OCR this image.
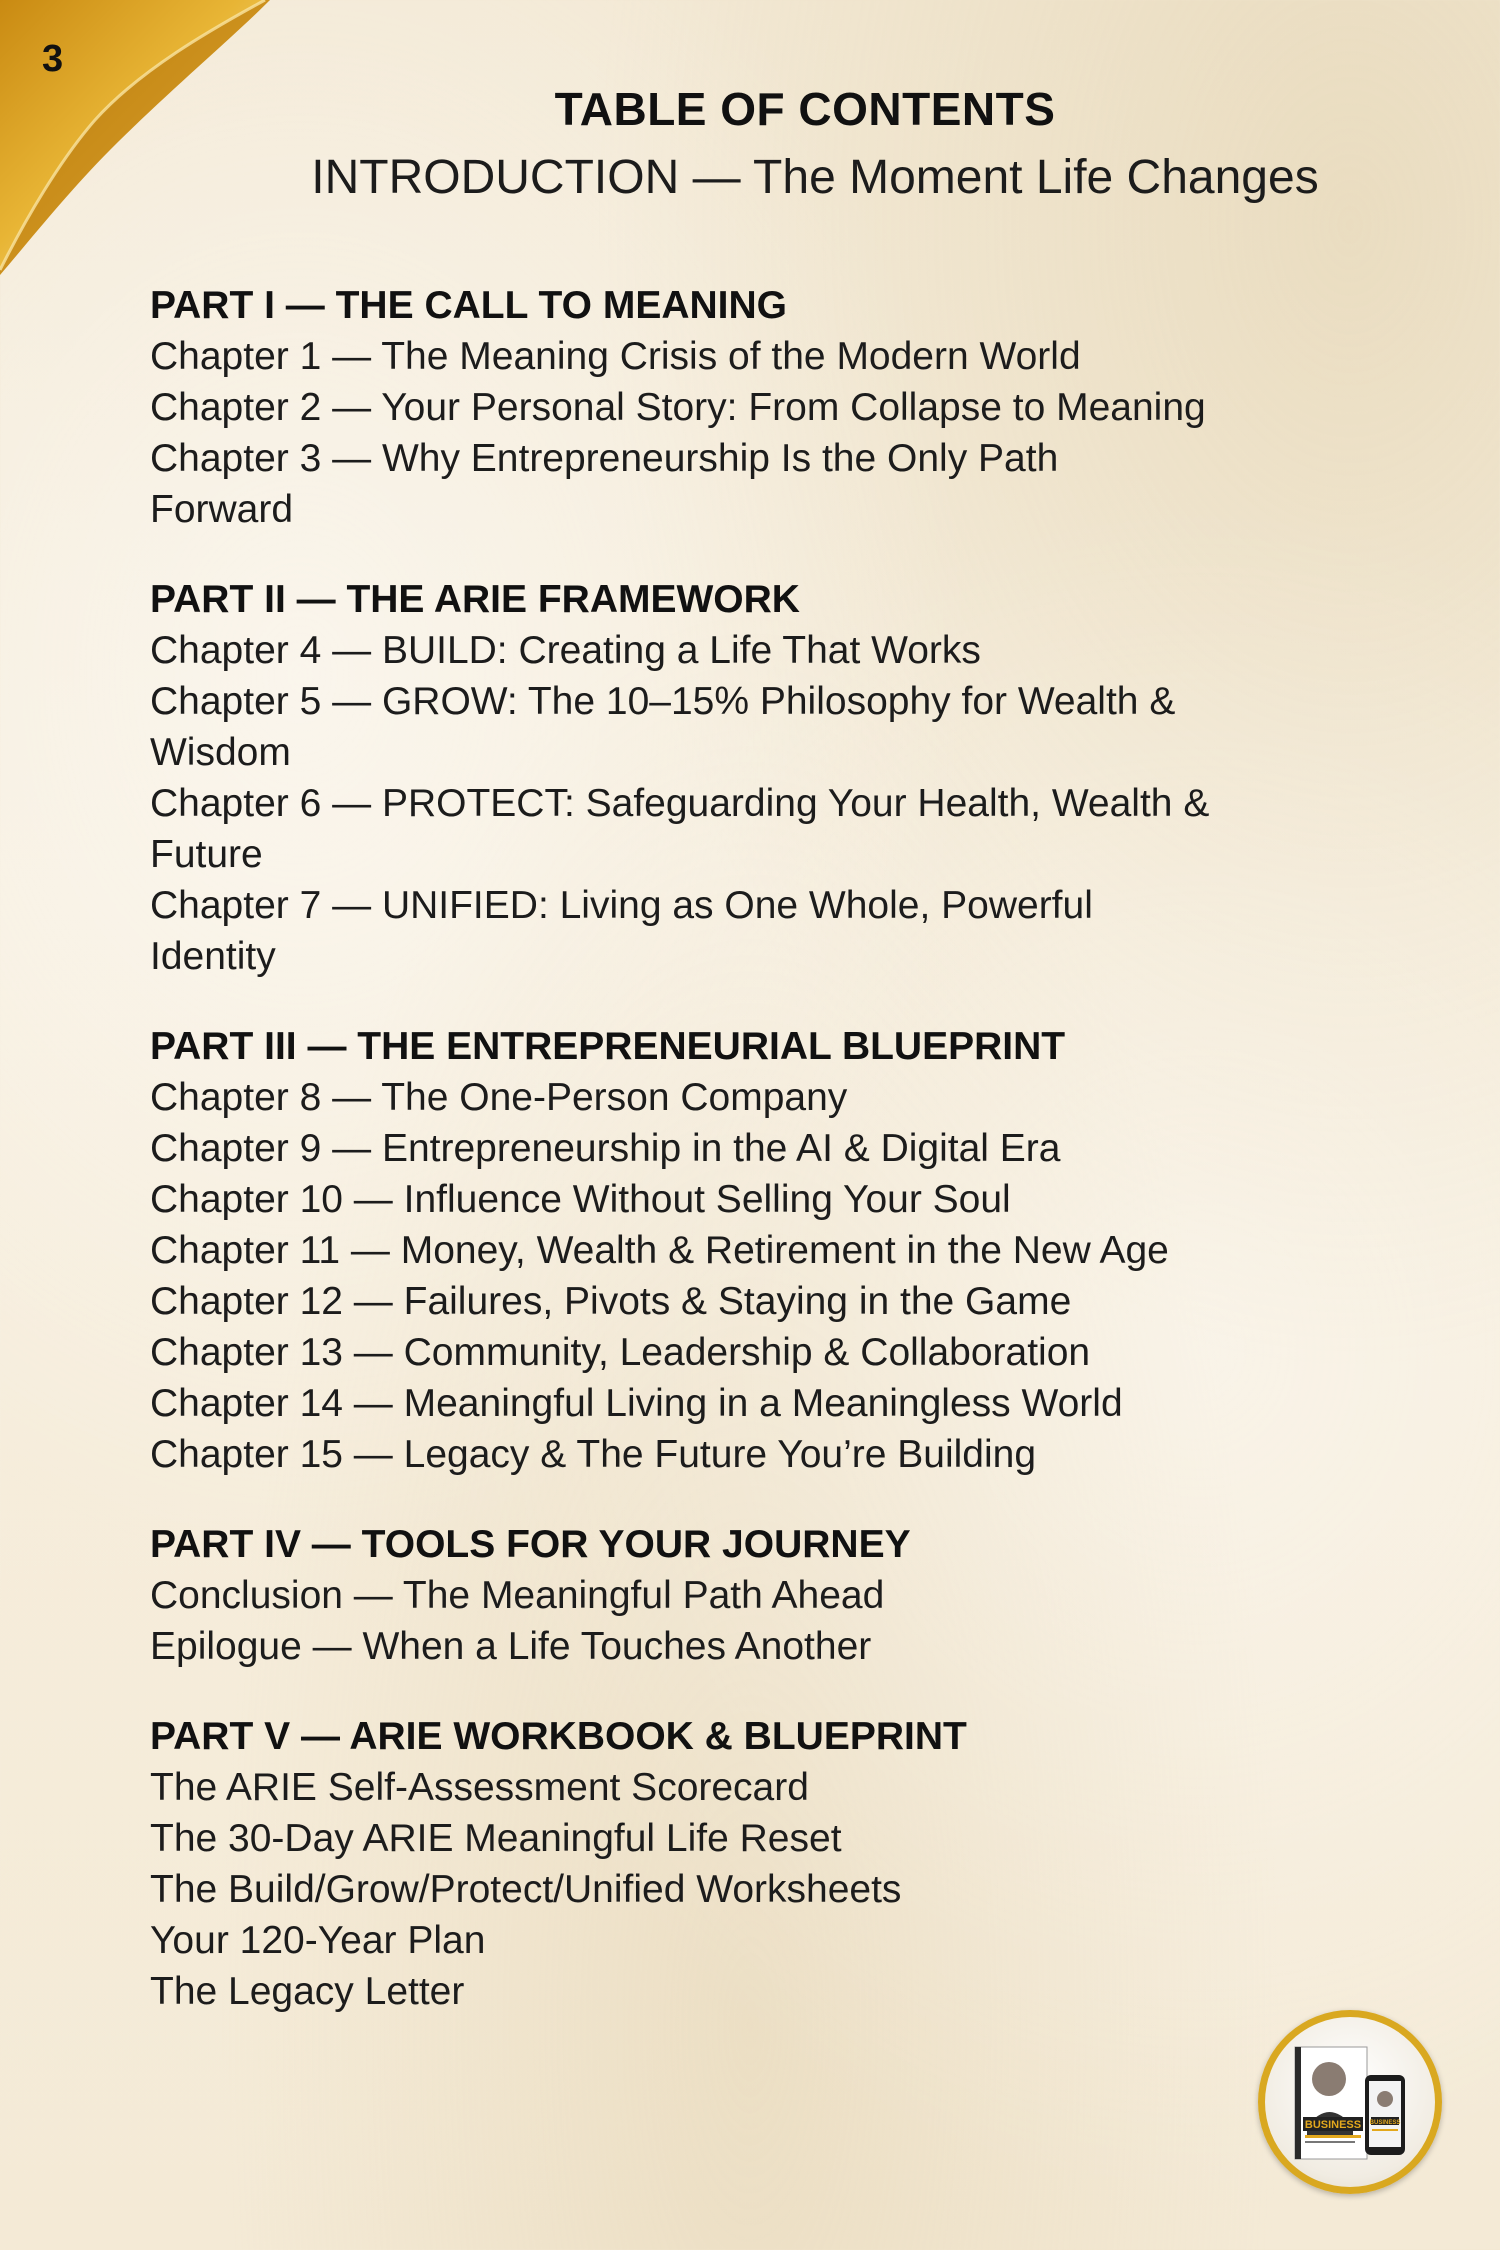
3
TABLE OF CONTENTS
INTRODUCTION — The Moment Life Changes
PART I — THE CALL TO MEANING
Chapter 1 — The Meaning Crisis of the Modern World
Chapter 2 — Your Personal Story: From Collapse to Meaning
Chapter 3 — Why Entrepreneurship Is the Only Path
Forward
PART II — THE ARIE FRAMEWORK
Chapter 4 — BUILD: Creating a Life That Works
Chapter 5 — GROW: The 10–15% Philosophy for Wealth &
Wisdom
Chapter 6 — PROTECT: Safeguarding Your Health, Wealth &
Future
Chapter 7 — UNIFIED: Living as One Whole, Powerful
Identity
PART III — THE ENTREPRENEURIAL BLUEPRINT
Chapter 8 — The One-Person Company
Chapter 9 — Entrepreneurship in the AI & Digital Era
Chapter 10 — Influence Without Selling Your Soul
Chapter 11 — Money, Wealth & Retirement in the New Age
Chapter 12 — Failures, Pivots & Staying in the Game
Chapter 13 — Community, Leadership & Collaboration
Chapter 14 — Meaningful Living in a Meaningless World
Chapter 15 — Legacy & The Future You’re Building
PART IV — TOOLS FOR YOUR JOURNEY
Conclusion — The Meaningful Path Ahead
Epilogue — When a Life Touches Another
PART V — ARIE WORKBOOK & BLUEPRINT
The ARIE Self-Assessment Scorecard
The 30-Day ARIE Meaningful Life Reset
The Build/Grow/Protect/Unified Worksheets
Your 120-Year Plan
The Legacy Letter
BUSINESS BUSINESS
